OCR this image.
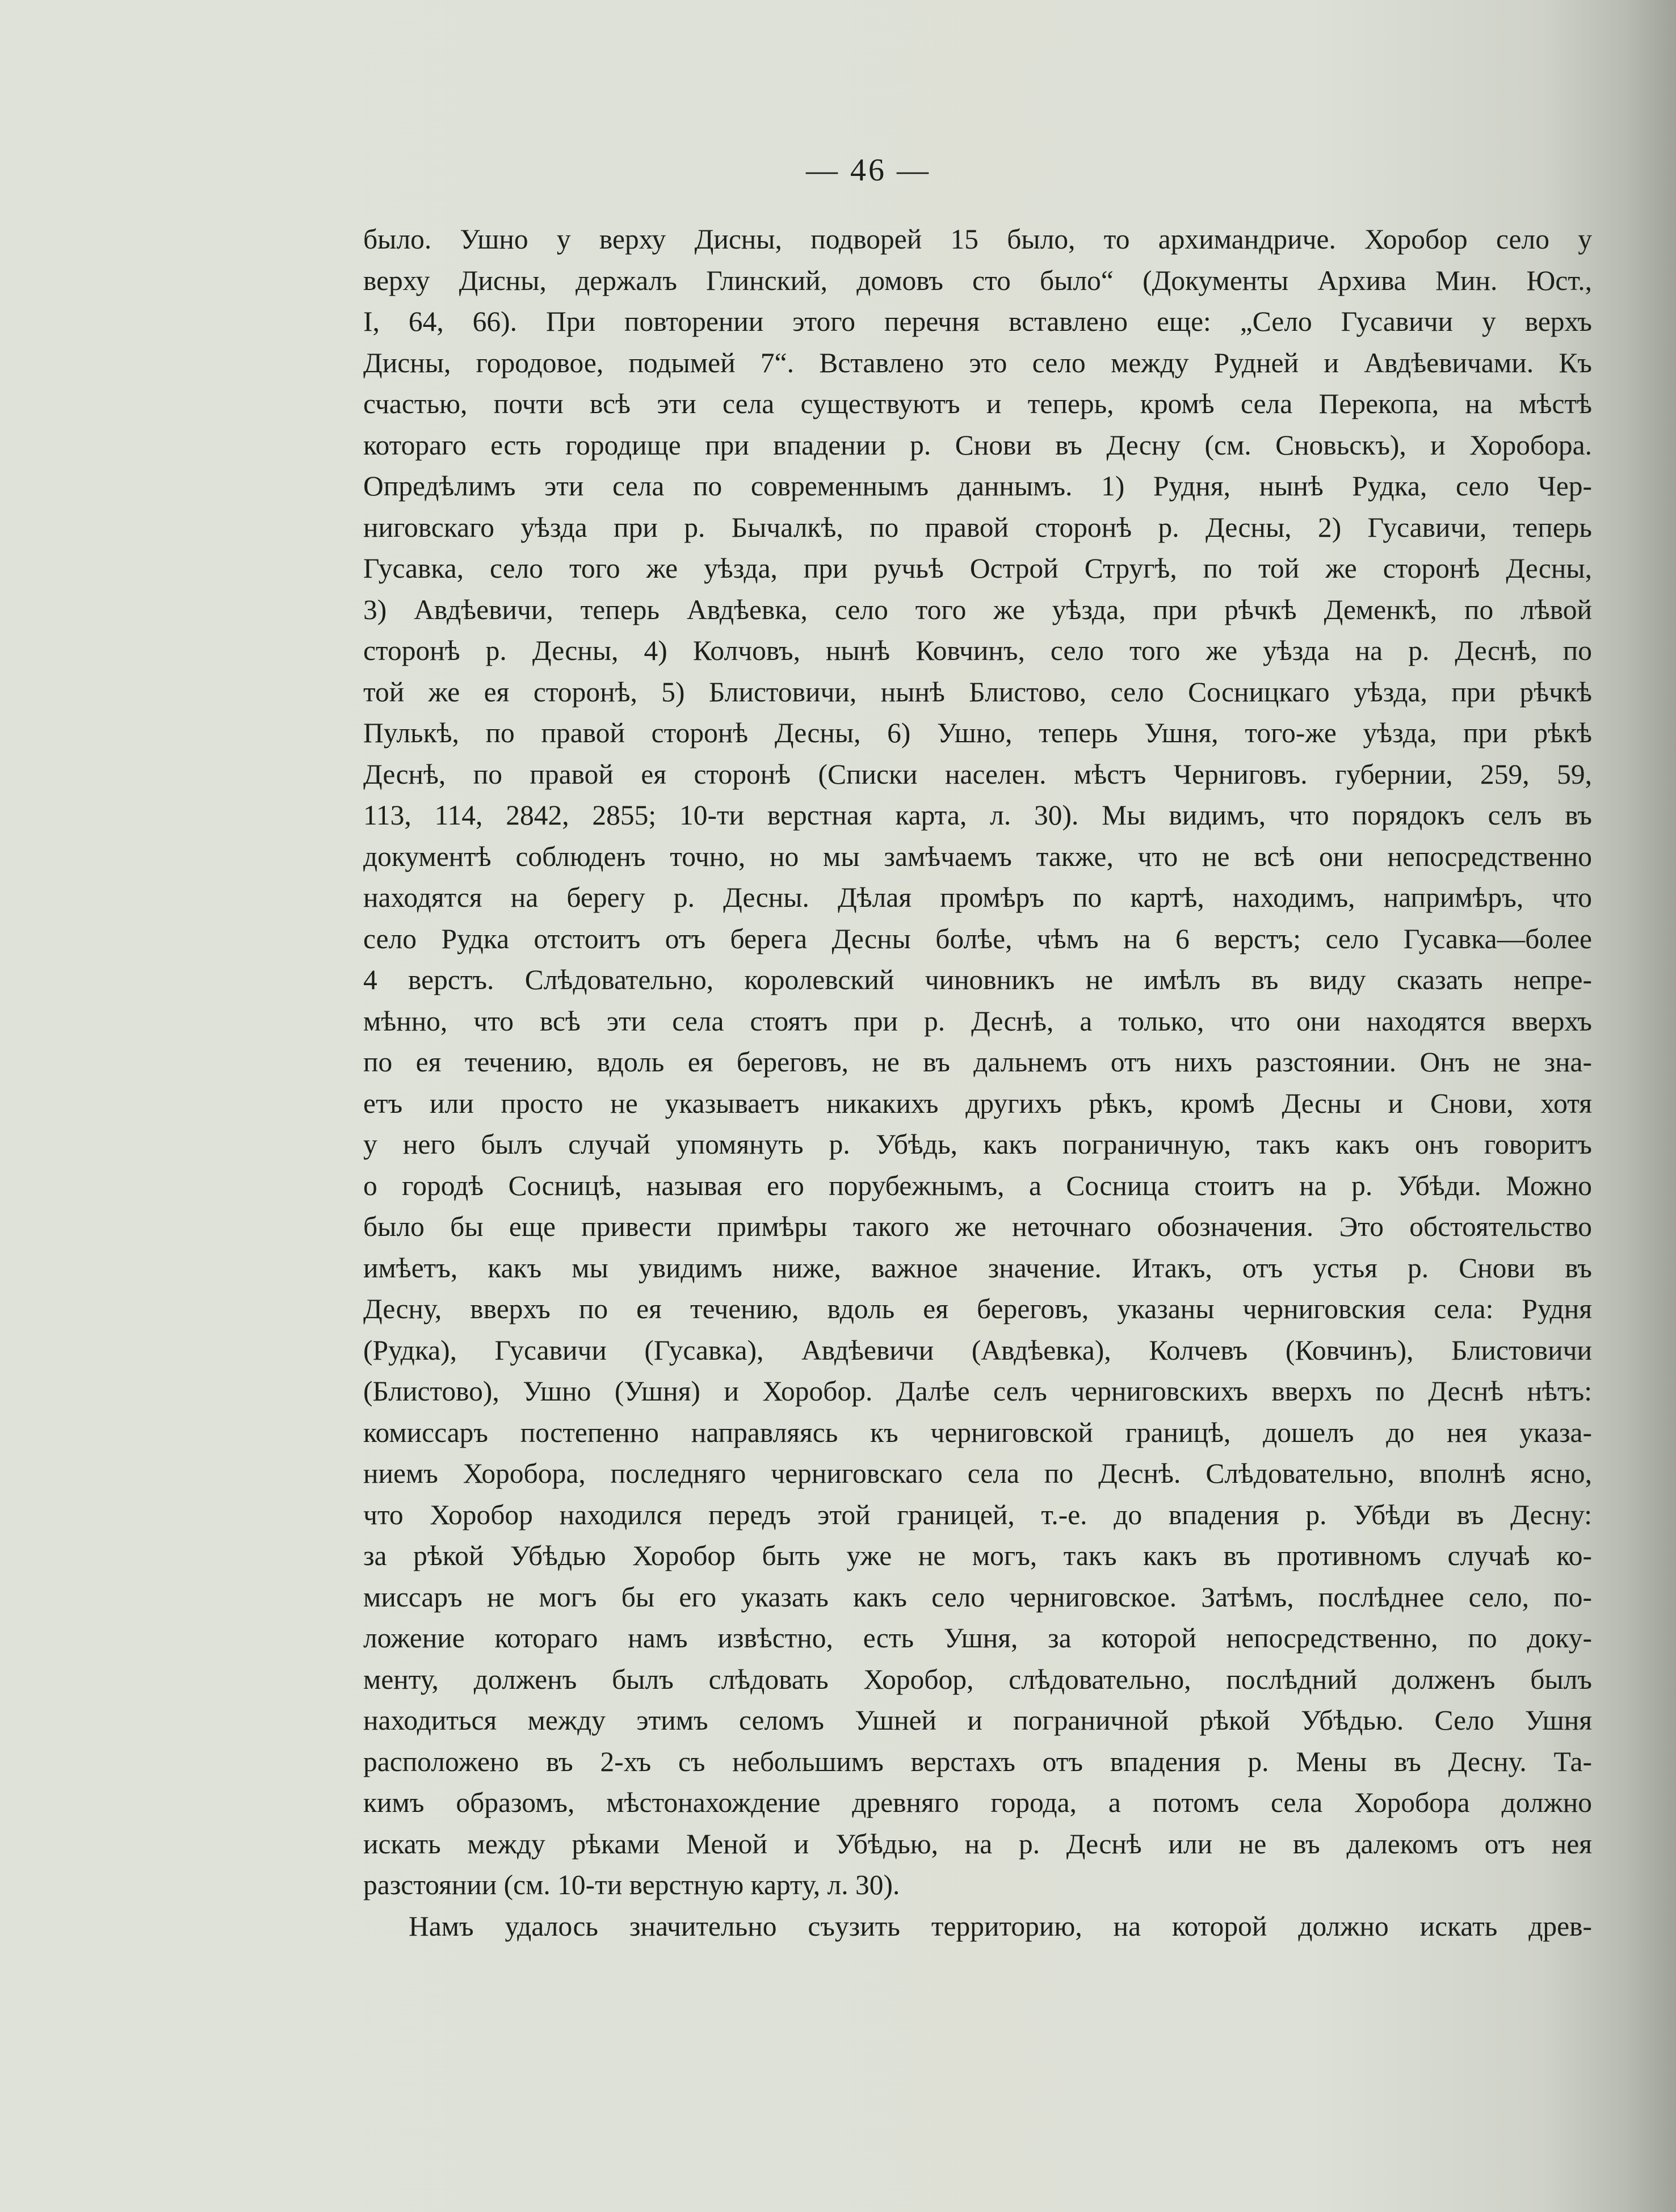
— 46 —
было. Ушно у верху Дисны, подворей 15 было, то архимандриче. Хоробор село у
верху Дисны, держалъ Глинский, домовъ сто было“ (Документы Архива Мин. Юст.,
I, 64, 66). При повторении этого перечня вставлено еще: „Село Гусавичи у верхъ
Дисны, городовое, подымей 7“. Вставлено это село между Рудней и Авдѣевичами. Къ
счастью, почти всѣ эти села существуютъ и теперь, кромѣ села Перекопа, на мѣстѣ
котораго есть городище при впадении р. Снови въ Десну (см. Сновьскъ), и Хоробора.
Опредѣлимъ эти села по современнымъ даннымъ. 1) Рудня, нынѣ Рудка, село Чер-
ниговскаго уѣзда при р. Бычалкѣ, по правой сторонѣ р. Десны, 2) Гусавичи, теперь
Гусавка, село того же уѣзда, при ручьѣ Острой Стругѣ, по той же сторонѣ Десны,
3) Авдѣевичи, теперь Авдѣевка, село того же уѣзда, при рѣчкѣ Деменкѣ, по лѣвой
сторонѣ р. Десны, 4) Колчовъ, нынѣ Ковчинъ, село того же уѣзда на р. Деснѣ, по
той же ея сторонѣ, 5) Блистовичи, нынѣ Блистово, село Сосницкаго уѣзда, при рѣчкѣ
Пулькѣ, по правой сторонѣ Десны, 6) Ушно, теперь Ушня, того-же уѣзда, при рѣкѣ
Деснѣ, по правой ея сторонѣ (Списки населен. мѣстъ Черниговъ. губернии, 259, 59,
113, 114, 2842, 2855; 10-ти верстная карта, л. 30). Мы видимъ, что порядокъ селъ въ
документѣ соблюденъ точно, но мы замѣчаемъ также, что не всѣ они непосредственно
находятся на берегу р. Десны. Дѣлая промѣръ по картѣ, находимъ, напримѣръ, что
село Рудка отстоитъ отъ берега Десны болѣе, чѣмъ на 6 верстъ; село Гусавка—более
4 верстъ. Слѣдовательно, королевский чиновникъ не имѣлъ въ виду сказать непре-
мѣнно, что всѣ эти села стоятъ при р. Деснѣ, а только, что они находятся вверхъ
по ея течению, вдоль ея береговъ, не въ дальнемъ отъ нихъ разстоянии. Онъ не зна-
етъ или просто не указываетъ никакихъ другихъ рѣкъ, кромѣ Десны и Снови, хотя
у него былъ случай упомянуть р. Убѣдь, какъ пограничную, такъ какъ онъ говоритъ
о городѣ Сосницѣ, называя его порубежнымъ, а Сосница стоитъ на р. Убѣди. Можно
было бы еще привести примѣры такого же неточнаго обозначения. Это обстоятельство
имѣетъ, какъ мы увидимъ ниже, важное значение. Итакъ, отъ устья р. Снови въ
Десну, вверхъ по ея течению, вдоль ея береговъ, указаны черниговския села: Рудня
(Рудка), Гусавичи (Гусавка), Авдѣевичи (Авдѣевка), Колчевъ (Ковчинъ), Блистовичи
(Блистово), Ушно (Ушня) и Хоробор. Далѣе селъ черниговскихъ вверхъ по Деснѣ нѣтъ:
комиссаръ постепенно направляясь къ черниговской границѣ, дошелъ до нея указа-
ниемъ Хоробора, последняго черниговскаго села по Деснѣ. Слѣдовательно, вполнѣ ясно,
что Хоробор находился передъ этой границей, т.-е. до впадения р. Убѣди въ Десну:
за рѣкой Убѣдью Хоробор быть уже не могъ, такъ какъ въ противномъ случаѣ ко-
миссаръ не могъ бы его указать какъ село черниговское. Затѣмъ, послѣднее село, по-
ложение котораго намъ извѣстно, есть Ушня, за которой непосредственно, по доку-
менту, долженъ былъ слѣдовать Хоробор, слѣдовательно, послѣдний долженъ былъ
находиться между этимъ селомъ Ушней и пограничной рѣкой Убѣдью. Село Ушня
расположено въ 2-хъ съ небольшимъ верстахъ отъ впадения р. Мены въ Десну. Та-
кимъ образомъ, мѣстонахождение древняго города, а потомъ села Хоробора должно
искать между рѣками Меной и Убѣдью, на р. Деснѣ или не въ далекомъ отъ нея
разстоянии (см. 10-ти верстную карту, л. 30).
Намъ удалось значительно съузить территорию, на которой должно искать древ-
